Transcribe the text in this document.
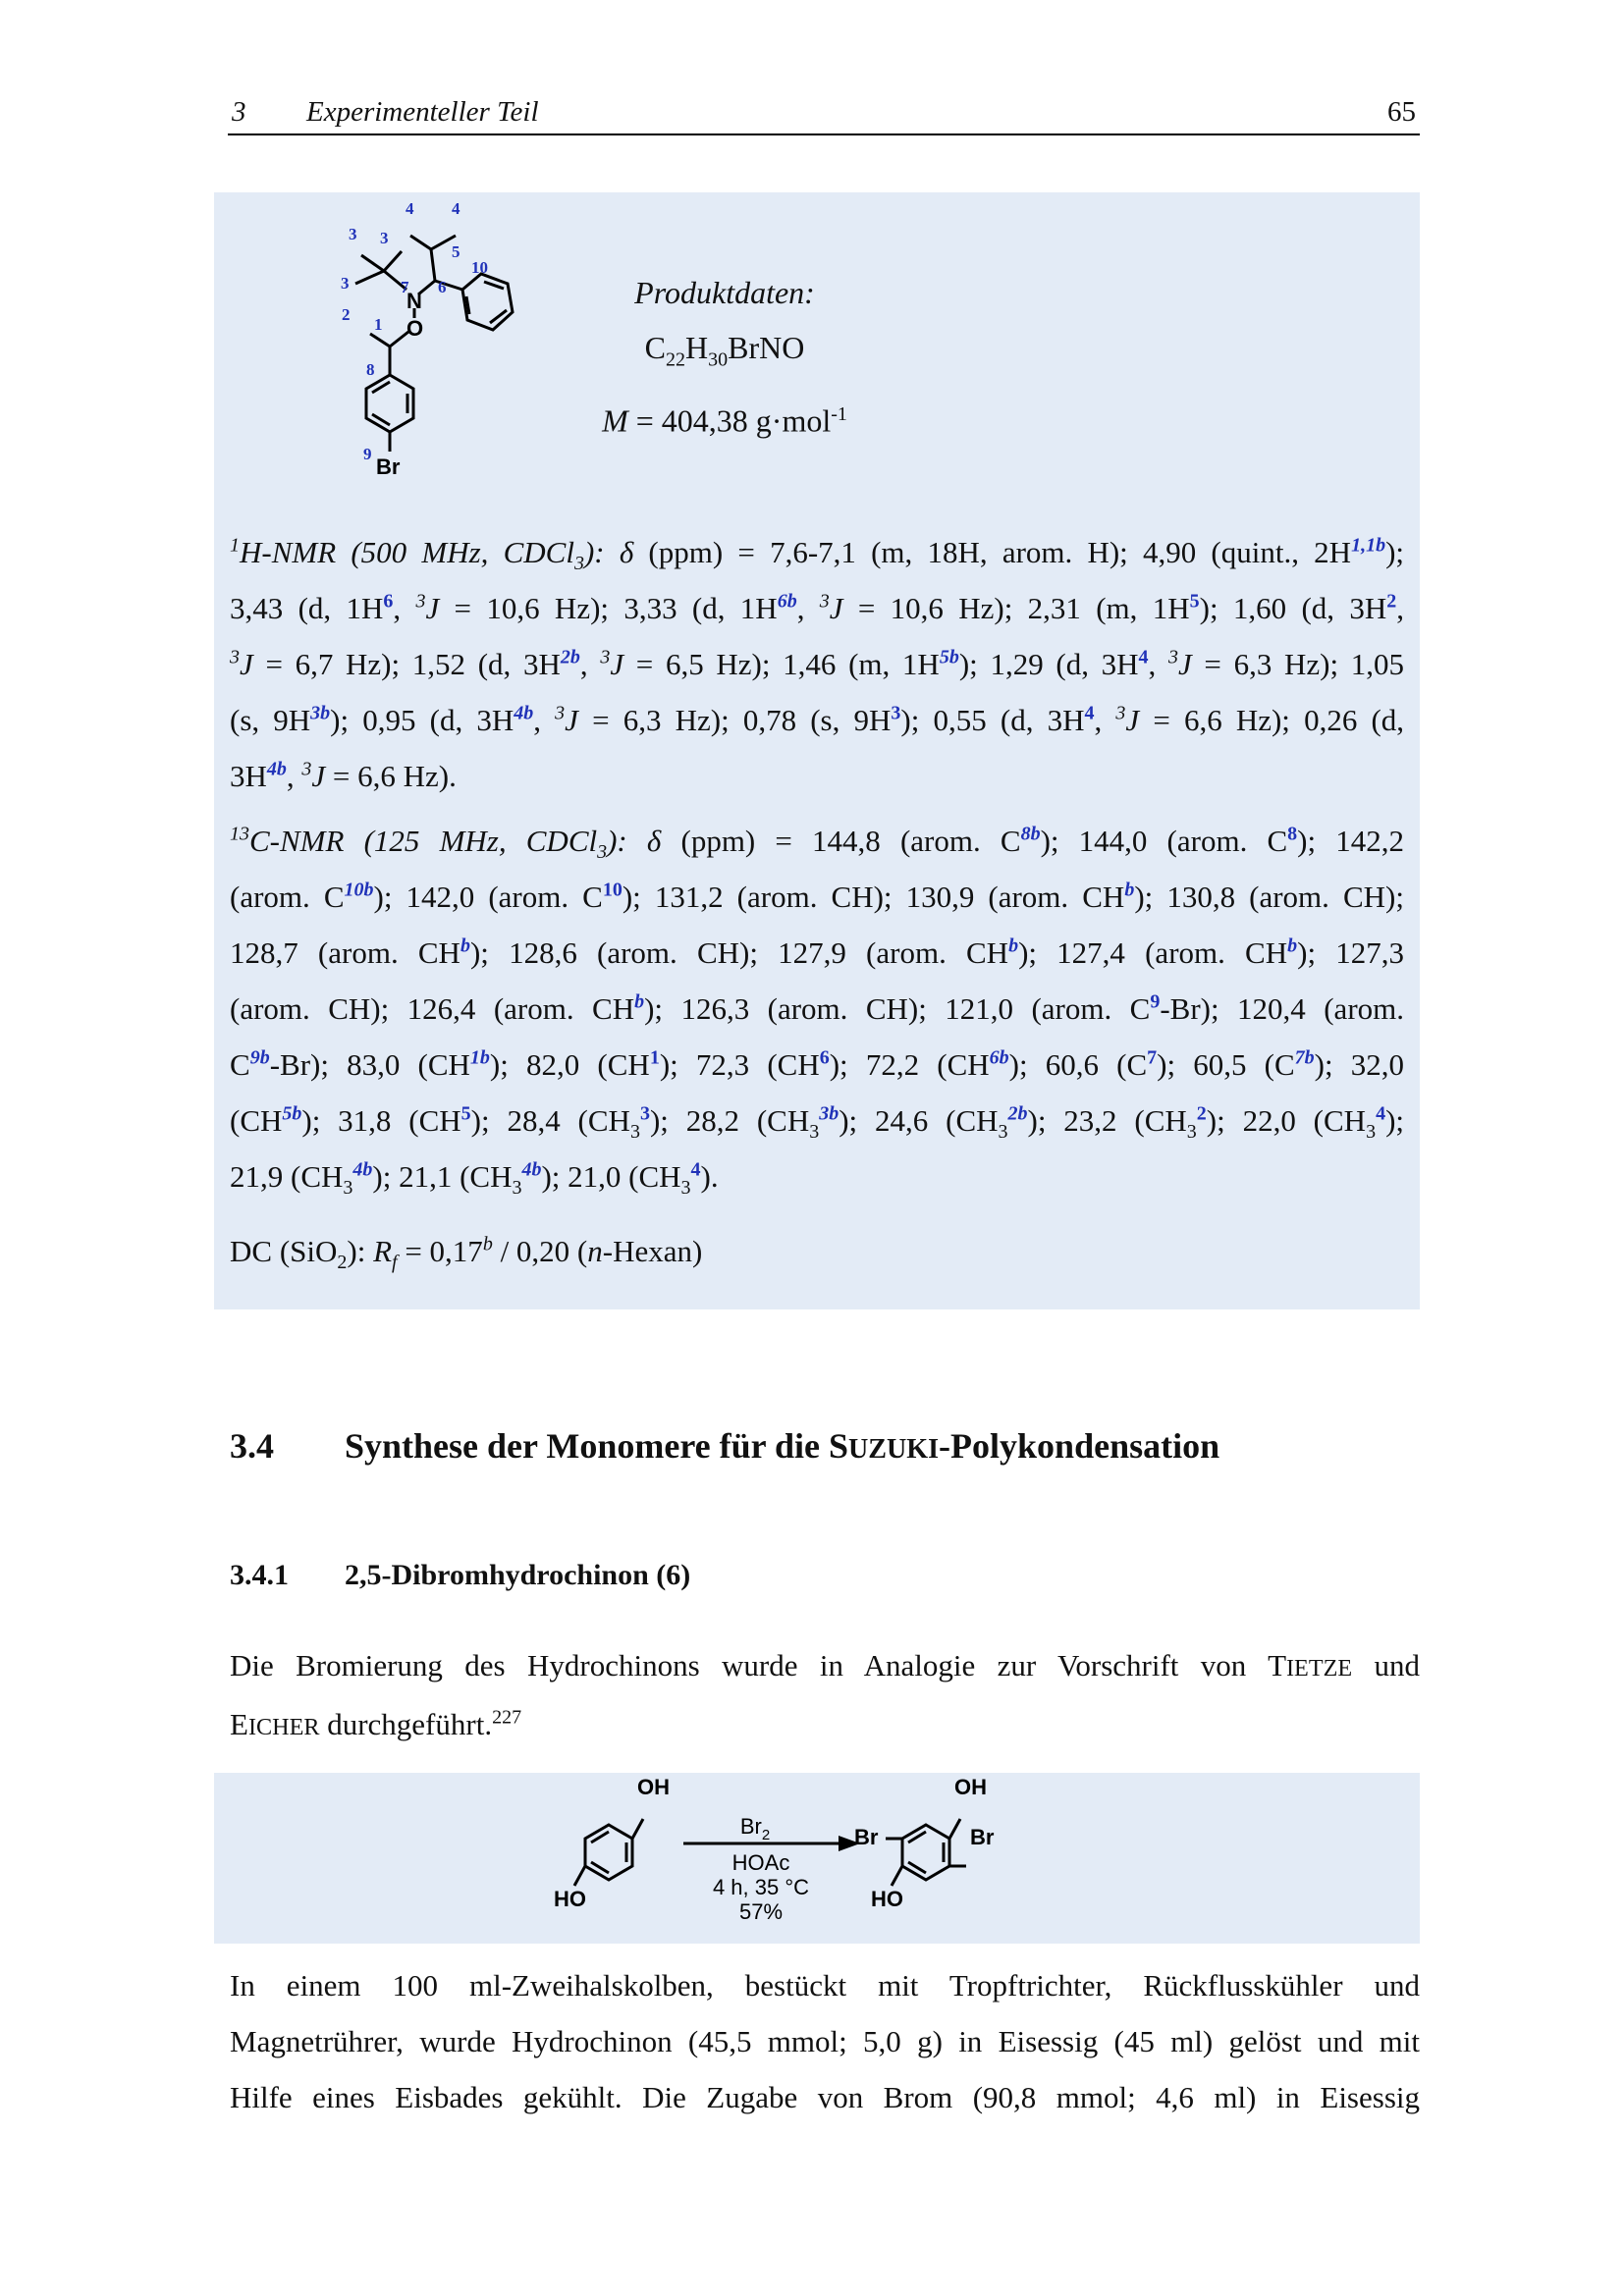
3 Experimenteller Teil	65
N
O
Br
10
7
1
6
5
4 4
3 3
3
2
8
9
Produktdaten:
$C_{22}H_{30}BrNO$
M = 404,38 g·mol$^{-1}$
$^1$H-NMR (500 MHz, CDCl$_3$): δ (ppm) = 7,6-7,1 (m, 18H, arom. H); 4,90 (quint., $2H^{1,1b}$);
3,43 (d, $1H^6$, $^3$J = 10,6 Hz); 3,33 (d, $1H^{6b}$, $^3$J = 10,6 Hz); 2,31 (m, $1H^5$); 1,60 (d, $3H^2$,
$^3$J = 6,7 Hz); 1,52 (d, $3H^{2b}$, $^3$J = 6,5 Hz); 1,46 (m, $1H^{5b}$); 1,29 (d, $3H^4$, $^3$J = 6,3 Hz); 1,05
(s, $9H^{3b}$); 0,95 (d, $3H^{4b}$, $^3$J = 6,3 Hz); 0,78 (s, $9H^3$); 0,55 (d, $3H^4$, $^3$J = 6,6 Hz); 0,26 (d,
$3H^{4b}$, $^3$J = 6,6 Hz).
$^{13}$C-NMR (125 MHz, CDCl$_3$): δ (ppm) = 144,8 (arom. $C^{8b}$); 144,0 (arom. $C^8$); 142,2
(arom. $C^{10b}$); 142,0 (arom. $C^{10}$); 131,2 (arom. CH); 130,9 (arom. $CH^b$); 130,8 (arom. CH);
128,7 (arom. $CH^b$); 128,6 (arom. CH); 127,9 (arom. $CH^b$); 127,4 (arom. $CH^b$); 127,3
(arom. CH); 126,4 (arom. $CH^b$); 126,3 (arom. CH); 121,0 (arom. $C^9-Br$); 120,4 (arom.
$C^{9b}-Br$); 83,0 $(CH^{1b})$; 82,0 $(CH^1)$; 72,3 $(CH^6)$; 72,2 $(CH^{6b})$; 60,6 $(C^7)$; 60,5 $(C^{7b})$; 32,0
$(CH^{5b})$; 31,8 $(CH^5)$; 28,4 $(CH_3^3)$; 28,2 $(CH_3^{3b})$; 24,6 $(CH_3^{2b})$; 23,2 $(CH_3^2)$; 22,0 $(CH_3^4)$;
21,9 $(CH_3^{4b})$; 21,1 $(CH_3^{4b})$; 21,0 $(CH_3^4)$.
DC (SiO$_2$): $R_f = 0,17^b / 0,20$ (n-Hexan)
3.4 Synthese der Monomere für die SUZUKI-Polykondensation
3.4.1 2,5-Dibromhydrochinon (6)
Die Bromierung des Hydrochinons wurde in Analogie zur Vorschrift von TIETZE und
EICHER durchgeführt.$^{227}$
OH
HO
OH
HO
Br	Br
$Br_2$
HOAc
4 h, 35 °C
57%
In einem 100 ml-Zweihalskolben, bestückt mit Tropftrichter, Rückflusskühler und
Magnetrührer, wurde Hydrochinon (45,5 mmol; 5,0 g) in Eisessig (45 ml) gelöst und mit
Hilfe eines Eisbades gekühlt. Die Zugabe von Brom (90,8 mmol; 4,6 ml) in Eisessig
